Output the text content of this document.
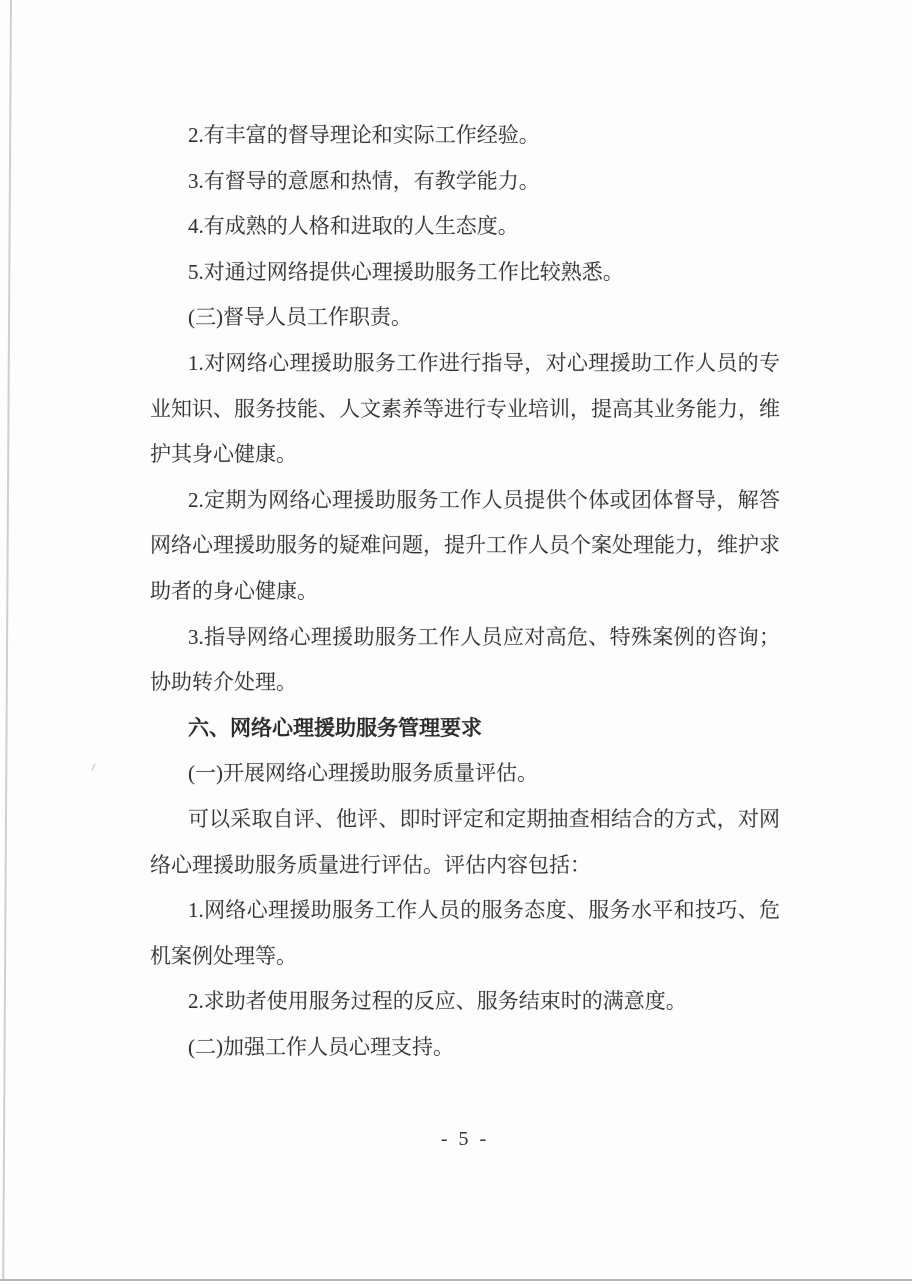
2.有丰富的督导理论和实际工作经验。

3.有督导的意愿和热情，有教学能力。

4.有成熟的人格和进取的人生态度。

5.对通过网络提供心理援助服务工作比较熟悉。

(三)督导人员工作职责。

1.对网络心理援助服务工作进行指导，对心理援助工作人员的专

业知识、服务技能、人文素养等进行专业培训，提高其业务能力，维

护其身心健康。

2.定期为网络心理援助服务工作人员提供个体或团体督导，解答

网络心理援助服务的疑难问题，提升工作人员个案处理能力，维护求

助者的身心健康。

3.指导网络心理援助服务工作人员应对高危、特殊案例的咨询；

协助转介处理。

六、网络心理援助服务管理要求

(一)开展网络心理援助服务质量评估。

可以采取自评、他评、即时评定和定期抽查相结合的方式，对网

络心理援助服务质量进行评估。评估内容包括：

1.网络心理援助服务工作人员的服务态度、服务水平和技巧、危

机案例处理等。

2.求助者使用服务过程的反应、服务结束时的满意度。

(二)加强工作人员心理支持。

- 5 -
